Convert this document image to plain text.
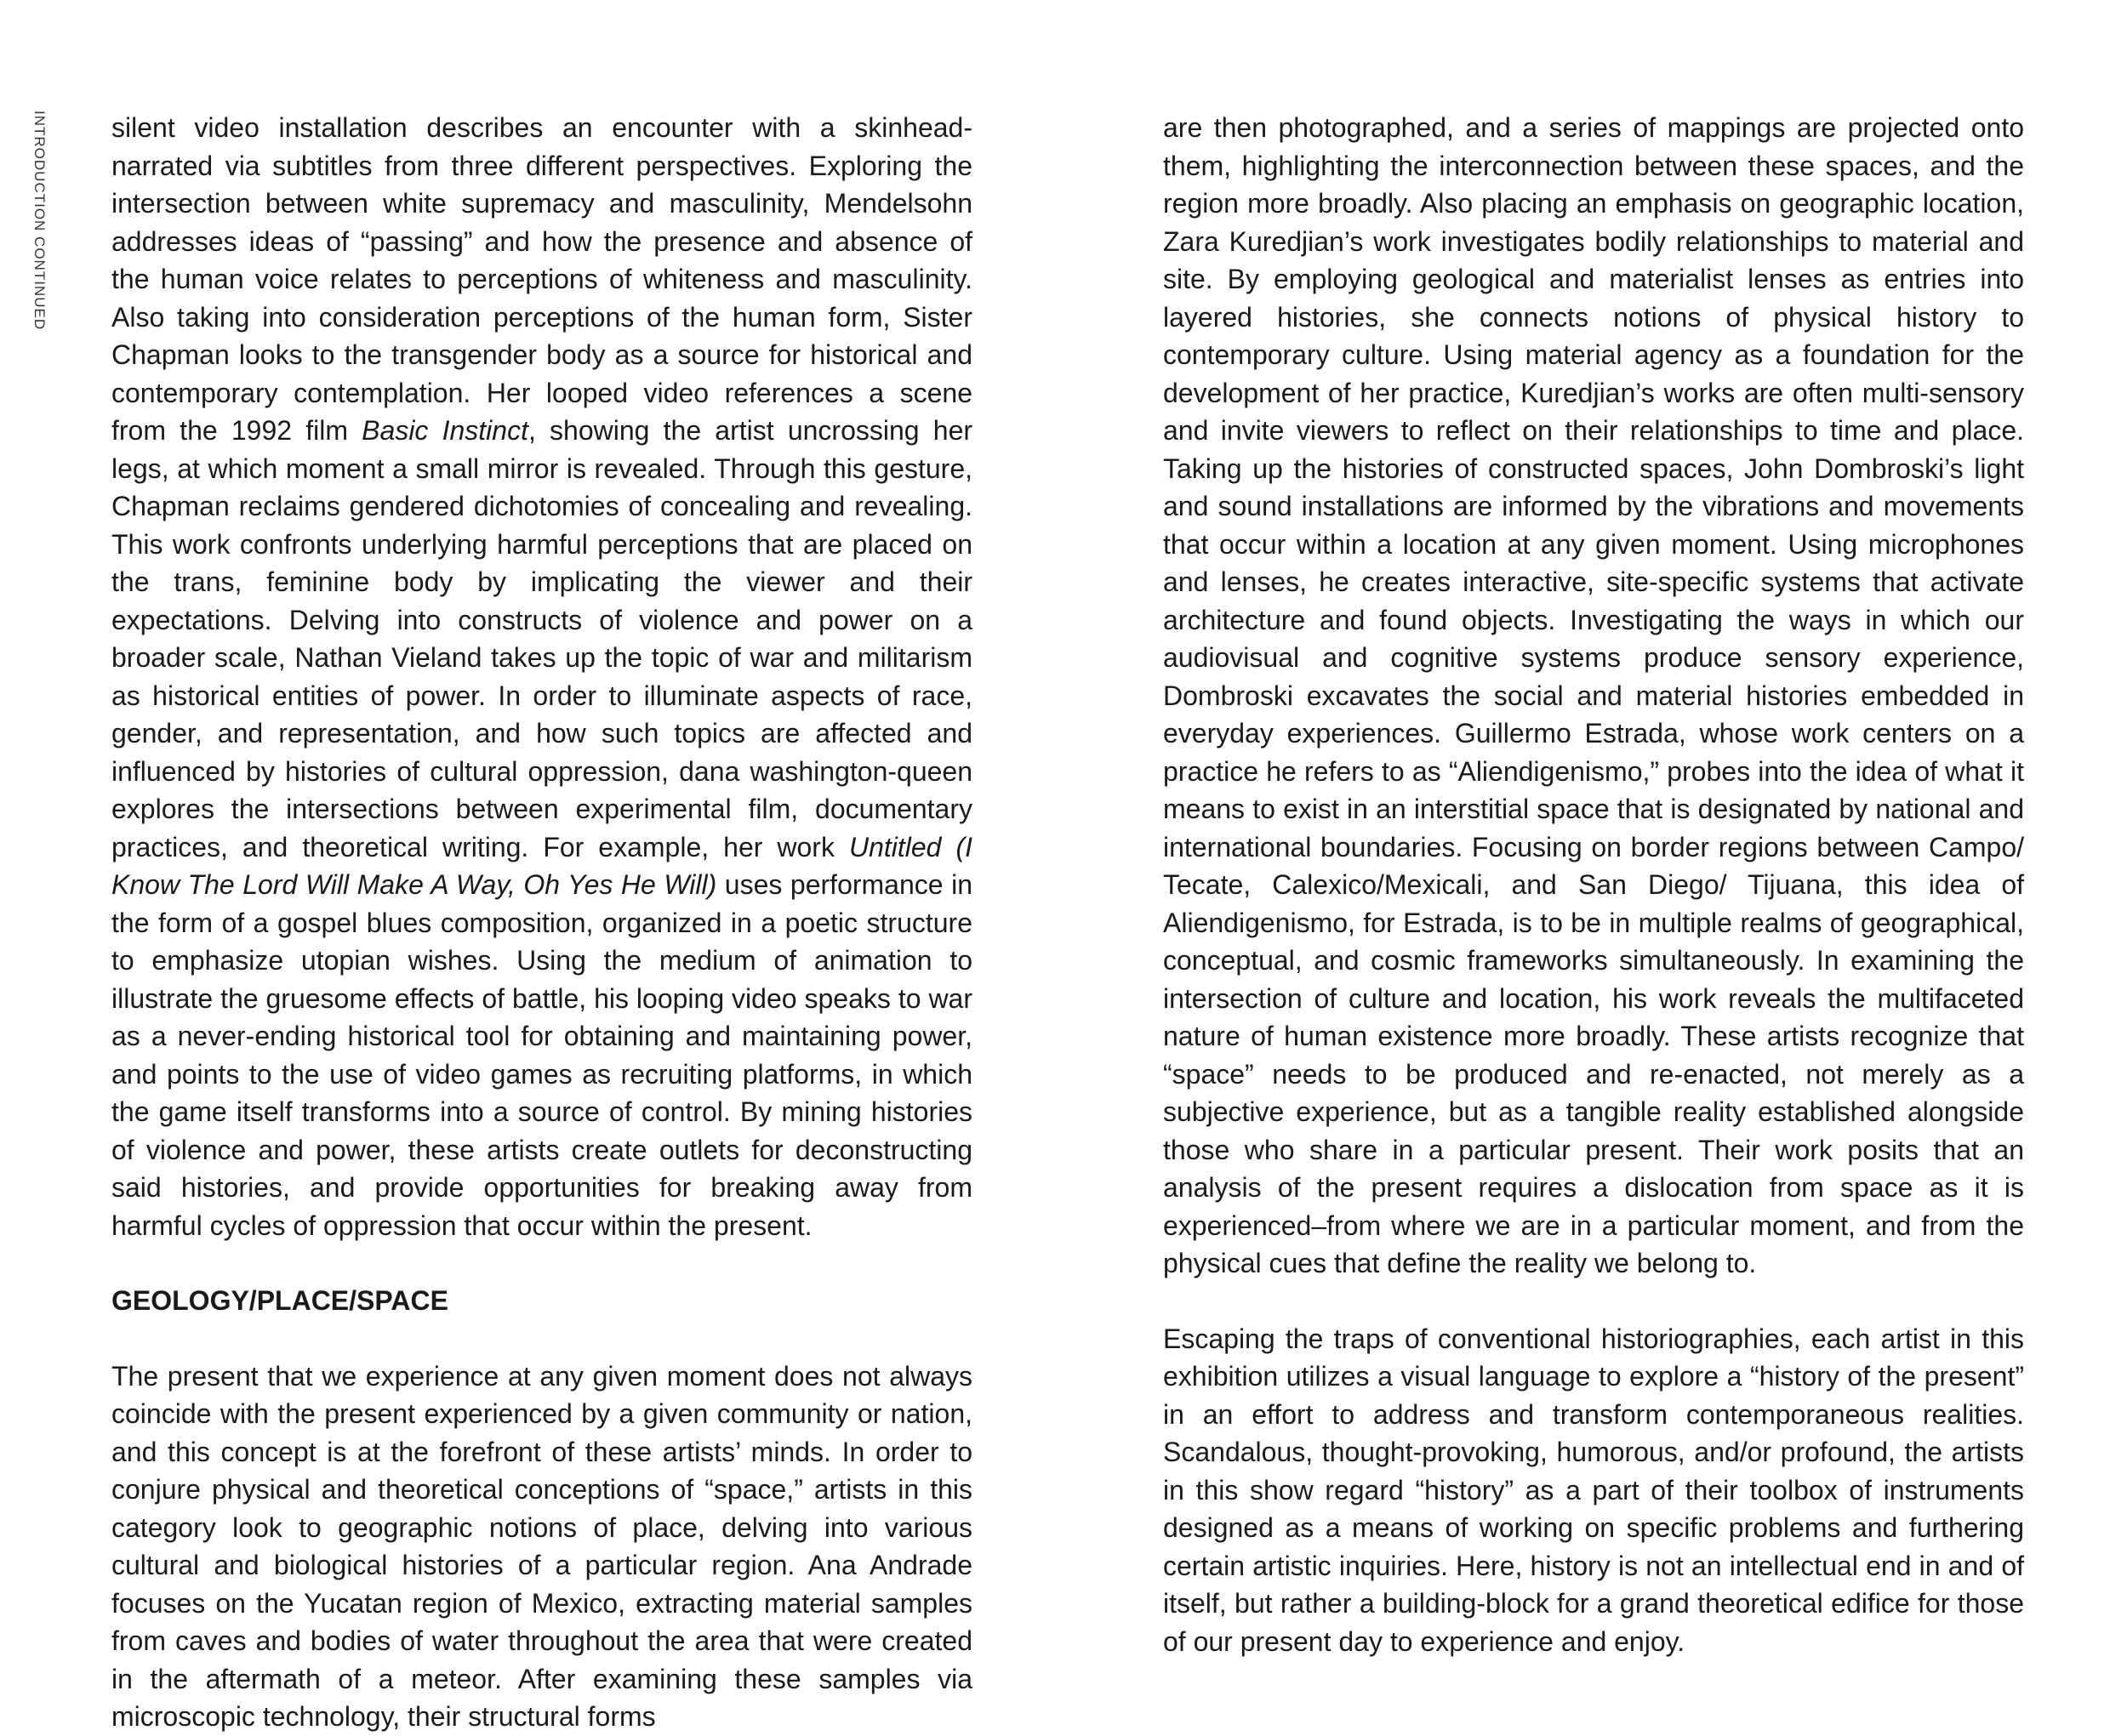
INTRODUCTION CONTINUED silent video installation describes an encounter with a skinhead-narrated via subtitles from three different perspectives. Exploring the intersection between white supremacy and masculinity, Mendelsohn addresses ideas of “passing” and how the presence and absence of the human voice relates to perceptions of whiteness and masculinity. Also taking into consideration perceptions of the human form, Sister Chapman looks to the transgender body as a source for historical and contemporary contemplation. Her looped video references a scene from the 1992 film Basic Instinct, showing the artist uncrossing her legs, at which moment a small mirror is revealed. Through this gesture, Chapman reclaims gendered dichotomies of concealing and revealing. This work confronts underlying harmful perceptions that are placed on the trans, feminine body by implicating the viewer and their expectations. Delving into constructs of violence and power on a broader scale, Nathan Vieland takes up the topic of war and militarism as historical entities of power. In order to illuminate aspects of race, gender, and representation, and how such topics are affected and influenced by histories of cultural oppression, dana washington-queen explores the intersections between experimental film, documentary practices, and theoretical writing. For example, her work Untitled (I Know The Lord Will Make A Way, Oh Yes He Will) uses performance in the form of a gospel blues composition, organized in a poetic structure to emphasize utopian wishes. Using the medium of animation to illustrate the gruesome effects of battle, his looping video speaks to war as a never-ending historical tool for obtaining and maintaining power, and points to the use of video games as recruiting platforms, in which the game itself transforms into a source of control. By mining histories of violence and power, these artists create outlets for deconstructing said histories, and provide opportunities for breaking away from harmful cycles of oppression that occur within the present.

GEOLOGY/PLACE/SPACE

The present that we experience at any given moment does not always coincide with the present experienced by a given community or nation, and this concept is at the forefront of these artists’ minds. In order to conjure physical and theoretical conceptions of “space,” artists in this category look to geographic notions of place, delving into various cultural and biological histories of a particular region. Ana Andrade focuses on the Yucatan region of Mexico, extracting material samples from caves and bodies of water throughout the area that were created in the aftermath of a meteor. After examining these samples via microscopic technology, their structural forms

are then photographed, and a series of mappings are projected onto them, highlighting the interconnection between these spaces, and the region more broadly. Also placing an emphasis on geographic location, Zara Kuredjian’s work investigates bodily relationships to material and site. By employing geological and materialist lenses as entries into layered histories, she connects notions of physical history to contemporary culture. Using material agency as a foundation for the development of her practice, Kuredjian’s works are often multi-sensory and invite viewers to reflect on their relationships to time and place. Taking up the histories of constructed spaces, John Dombroski’s light and sound installations are informed by the vibrations and movements that occur within a location at any given moment. Using microphones and lenses, he creates interactive, site-specific systems that activate architecture and found objects. Investigating the ways in which our audiovisual and cognitive systems produce sensory experience, Dombroski excavates the social and material histories embedded in everyday experiences. Guillermo Estrada, whose work centers on a practice he refers to as “Aliendigenismo,” probes into the idea of what it means to exist in an interstitial space that is designated by national and international boundaries. Focusing on border regions between Campo/ Tecate, Calexico/Mexicali, and San Diego/ Tijuana, this idea of Aliendigenismo, for Estrada, is to be in multiple realms of geographical, conceptual, and cosmic frameworks simultaneously. In examining the intersection of culture and location, his work reveals the multifaceted nature of human existence more broadly. These artists recognize that “space” needs to be produced and re-enacted, not merely as a subjective experience, but as a tangible reality established alongside those who share in a particular present. Their work posits that an analysis of the present requires a dislocation from space as it is experienced–from where we are in a particular moment, and from the physical cues that define the reality we belong to.

Escaping the traps of conventional historiographies, each artist in this exhibition utilizes a visual language to explore a “history of the present” in an effort to address and transform contemporaneous realities. Scandalous, thought-provoking, humorous, and/or profound, the artists in this show regard “history” as a part of their toolbox of instruments designed as a means of working on specific problems and furthering certain artistic inquiries. Here, history is not an intellectual end in and of itself, but rather a building-block for a grand theoretical edifice for those of our present day to experience and enjoy.
